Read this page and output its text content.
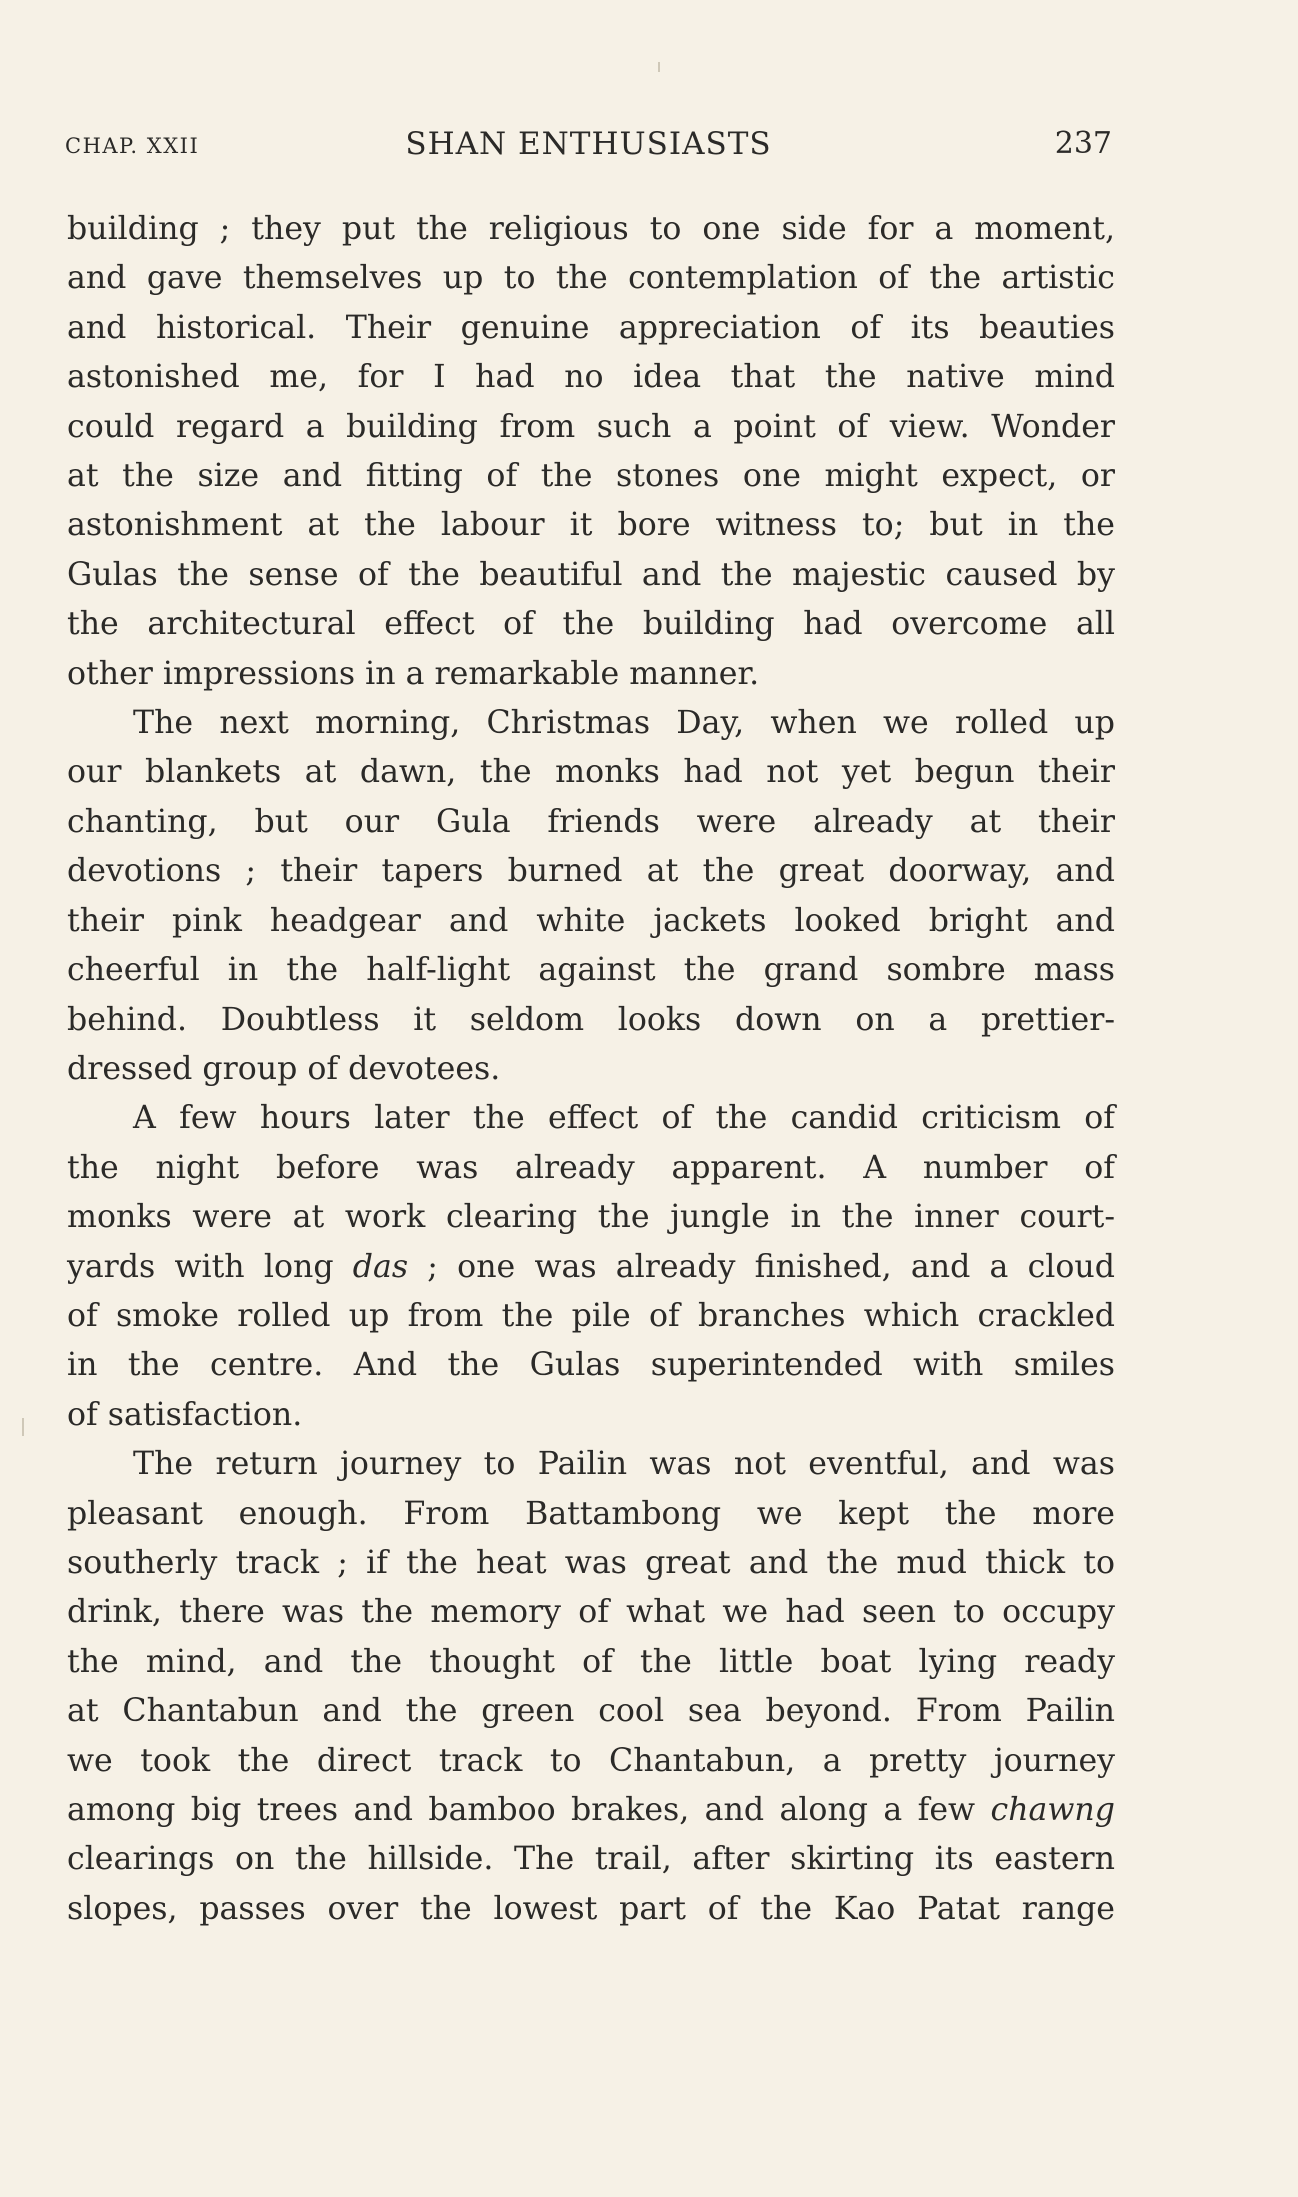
CHAP. XXII	SHAN ENTHUSIASTS	237

building ; they put the religious to one side for a moment,
and gave themselves up to the contemplation of the artistic
and historical. Their genuine appreciation of its beauties
astonished me, for I had no idea that the native mind
could regard a building from such a point of view. Wonder
at the size and fitting of the stones one might expect, or
astonishment at the labour it bore witness to; but in the
Gulas the sense of the beautiful and the majestic caused by
the architectural effect of the building had overcome all
other impressions in a remarkable manner.

The next morning, Christmas Day, when we rolled up
our blankets at dawn, the monks had not yet begun their
chanting, but our Gula friends were already at their
devotions ; their tapers burned at the great doorway, and
their pink headgear and white jackets looked bright and
cheerful in the half-light against the grand sombre mass
behind. Doubtless it seldom looks down on a prettier-
dressed group of devotees.

A few hours later the effect of the candid criticism of
the night before was already apparent. A number of
monks were at work clearing the jungle in the inner court-
yards with long das ; one was already finished, and a cloud
of smoke rolled up from the pile of branches which crackled
in the centre. And the Gulas superintended with smiles
of satisfaction.

The return journey to Pailin was not eventful, and was
pleasant enough. From Battambong we kept the more
southerly track ; if the heat was great and the mud thick to
drink, there was the memory of what we had seen to occupy
the mind, and the thought of the little boat lying ready
at Chantabun and the green cool sea beyond. From Pailin
we took the direct track to Chantabun, a pretty journey
among big trees and bamboo brakes, and along a few chawng
clearings on the hillside. The trail, after skirting its eastern
slopes, passes over the lowest part of the Kao Patat range
